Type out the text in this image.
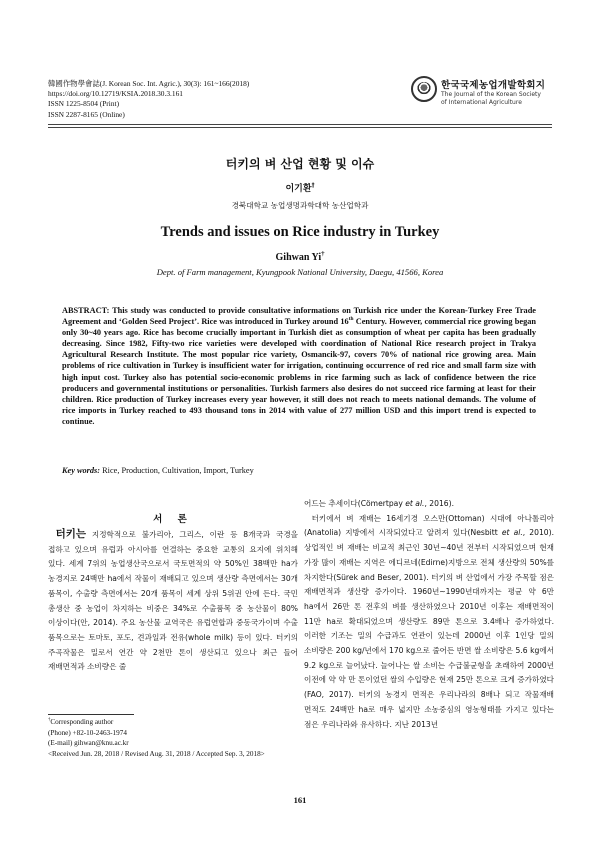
韓國作物學會誌(J. Korean Soc. Int. Agric.), 30(3): 161~166(2018)
https://doi.org/10.12719/KSIA.2018.30.3.161
ISSN 1225-8504 (Print)
ISSN 2287-8165 (Online)
한국국제농업개발학회지
The Journal of the Korean Society
of International Agriculture
터키의 벼 산업 현황 및 이슈
이기환†
경북대학교 농업생명과학대학 농산업학과
Trends and issues on Rice industry in Turkey
Gihwan Yi†
Dept. of Farm management, Kyungpook National University, Daegu, 41566, Korea
ABSTRACT: This study was conducted to provide consultative informations on Turkish rice under the Korean-Turkey Free Trade Agreement and ‘Golden Seed Project’. Rice was introduced in Turkey around 16th Century. However, commercial rice growing began only 30~40 years ago. Rice has become crucially important in Turkish diet as consumption of wheat per capita has been gradually decreasing. Since 1982, Fifty-two rice varieties were developed with coordination of National Rice research project in Trakya Agricultural Research Institute. The most popular rice variety, Osmancik-97, covers 70% of national rice growing area. Main problems of rice cultivation in Turkey is insufficient water for irrigation, continuing occurrence of red rice and small farm size with high input cost. Turkey also has potential socio-economic problems in rice farming such as lack of confidence between the rice producers and governmental institutions or personalities. Turkish farmers also desires do not succeed rice farming at least for their children. Rice production of Turkey increases every year however, it still does not reach to meets national demands. The volume of rice imports in Turkey reached to 493 thousand tons in 2014 with value of 277 million USD and this import trend is expected to continue.
Key words: Rice, Production, Cultivation, Import, Turkey
서 론
 터키는 지정학적으로 불가리아, 그리스, 이란 등 8개국과 국경을 접하고 있으며 유럽과 아시아를 연결하는 중요한 교통의 요지에 위치해 있다. 세계 7위의 농업생산국으로서 국토면적의 약 50%인 38백만 ha가 농경지로 24백만 ha에서 작물이 재배되고 있으며 생산량 측면에서는 30개 품목이, 수출량 측면에서는 20개 품목이 세계 상위 5위권 안에 든다. 국민 총생산 중 농업이 차지하는 비중은 34%로 수출품목 중 농산물이 80% 이상이다(안, 2014). 주요 농산물 교역국은 유럽연합과 중동국가이며 수출 품목으로는 토마토, 포도, 견과일과 전유(whole milk) 등이 있다. 터키의 주곡작물은 밀로서 연간 약 2천만 톤이 생산되고 있으나 최근 들어 재배면적과 소비량은 줄
어드는 추세이다(Cömertpay et al., 2016).
 터키에서 벼 재배는 16세기경 오스만(Ottoman) 시대에 아나톨리아(Anatolia) 지방에서 시작되었다고 알려져 있다(Nesbitt et al., 2010). 상업적인 벼 재배는 비교적 최근인 30년~40년 전부터 시작되었으며 현재 가장 많이 재배는 지역은 에디르네(Edirne)지방으로 전체 생산량의 50%를 차지한다(Sürek and Beser, 2001). 터키의 벼 산업에서 가장 주목할 점은 재배면적과 생산량 증가이다. 1960년~1990년대까지는 평균 약 6만 ha에서 26만 톤 전후의 벼를 생산하였으나 2010년 이후는 재배면적이 11만 ha로 확대되었으며 생산량도 89만 톤으로 3.4배나 증가하였다. 이러한 기조는 밀의 수급과도 연관이 있는데 2000년 이후 1인당 밀의 소비량은 200 kg/년에서 170 kg으로 줄어든 반면 쌀 소비량은 5.6 kg에서 9.2 kg으로 늘어났다. 늘어나는 쌀 소비는 수급불균형을 초래하여 2000년 이전에 약 약 만 톤이었던 쌀의 수입량은 현재 25만 톤으로 크게 증가하였다(FAO, 2017). 터키의 농경지 면적은 우리나라의 8배나 되고 작물재배 면적도 24백만 ha로 매우 넓지만 소농중심의 영농형태를 가지고 있다는 점은 우리나라와 유사하다. 지난 2013년
†Corresponding author
(Phone) +82-10-2463-1974
(E-mail) gihwan@knu.ac.kr
<Received Jun. 28, 2018 / Revised Aug. 31, 2018 / Accepted Sep. 3, 2018>
161
